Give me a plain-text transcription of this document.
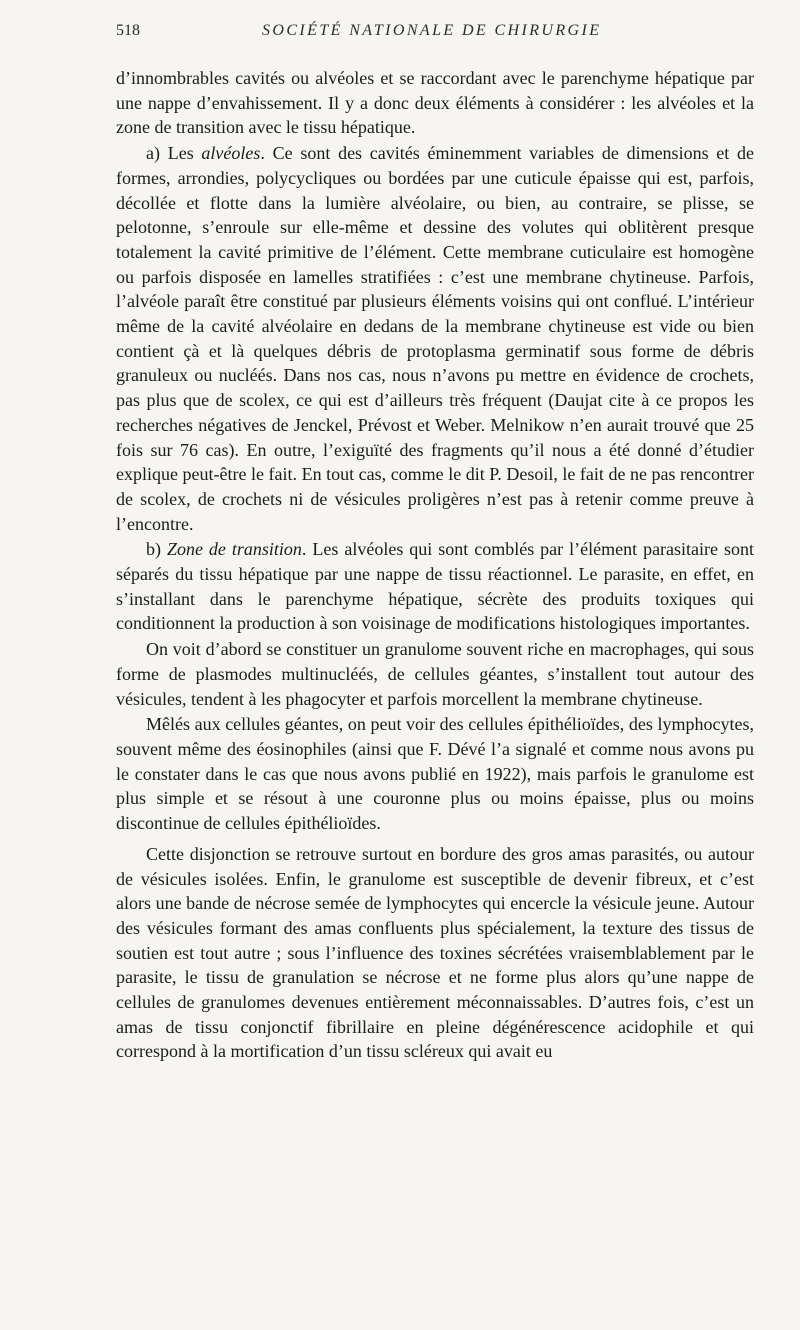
518	SOCIÉTÉ NATIONALE DE CHIRURGIE

d’innombrables cavités ou alvéoles et se raccordant avec le parenchyme hépatique par une nappe d’envahissement. Il y a donc deux éléments à considérer : les alvéoles et la zone de transition avec le tissu hépatique.

a) Les alvéoles. Ce sont des cavités éminemment variables de dimensions et de formes, arrondies, polycycliques ou bordées par une cuticule épaisse qui est, parfois, décollée et flotte dans la lumière alvéolaire, ou bien, au contraire, se plisse, se pelotonne, s’enroule sur elle-même et dessine des volutes qui oblitèrent presque totalement la cavité primitive de l’élément. Cette membrane cuticulaire est homogène ou parfois disposée en lamelles stratifiées : c’est une membrane chytineuse. Parfois, l’alvéole paraît être constitué par plusieurs éléments voisins qui ont conflué. L’intérieur même de la cavité alvéolaire en dedans de la membrane chytineuse est vide ou bien contient çà et là quelques débris de protoplasma germinatif sous forme de débris granuleux ou nucléés. Dans nos cas, nous n’avons pu mettre en évidence de crochets, pas plus que de scolex, ce qui est d’ailleurs très fréquent (Daujat cite à ce propos les recherches négatives de Jenckel, Prévost et Weber. Melnikow n’en aurait trouvé que 25 fois sur 76 cas). En outre, l’exiguïté des fragments qu’il nous a été donné d’étudier explique peut-être le fait. En tout cas, comme le dit P. Desoil, le fait de ne pas rencontrer de scolex, de crochets ni de vésicules proligères n’est pas à retenir comme preuve à l’encontre.

b) Zone de transition. Les alvéoles qui sont comblés par l’élément parasitaire sont séparés du tissu hépatique par une nappe de tissu réactionnel. Le parasite, en effet, en s’installant dans le parenchyme hépatique, sécrète des produits toxiques qui conditionnent la production à son voisinage de modifications histologiques importantes.

On voit d’abord se constituer un granulome souvent riche en macrophages, qui sous forme de plasmodes multinucléés, de cellules géantes, s’installent tout autour des vésicules, tendent à les phagocyter et parfois morcellent la membrane chytineuse.

Mêlés aux cellules géantes, on peut voir des cellules épithélioïdes, des lymphocytes, souvent même des éosinophiles (ainsi que F. Dévé l’a signalé et comme nous avons pu le constater dans le cas que nous avons publié en 1922), mais parfois le granulome est plus simple et se résout à une couronne plus ou moins épaisse, plus ou moins discontinue de cellules épithélioïdes.

Cette disjonction se retrouve surtout en bordure des gros amas parasités, ou autour de vésicules isolées. Enfin, le granulome est susceptible de devenir fibreux, et c’est alors une bande de nécrose semée de lymphocytes qui encercle la vésicule jeune. Autour des vésicules formant des amas confluents plus spécialement, la texture des tissus de soutien est tout autre ; sous l’influence des toxines sécrétées vraisemblablement par le parasite, le tissu de granulation se nécrose et ne forme plus alors qu’une nappe de cellules de granulomes devenues entièrement méconnaissables. D’autres fois, c’est un amas de tissu conjonctif fibrillaire en pleine dégénérescence acidophile et qui correspond à la mortification d’un tissu scléreux qui avait eu
